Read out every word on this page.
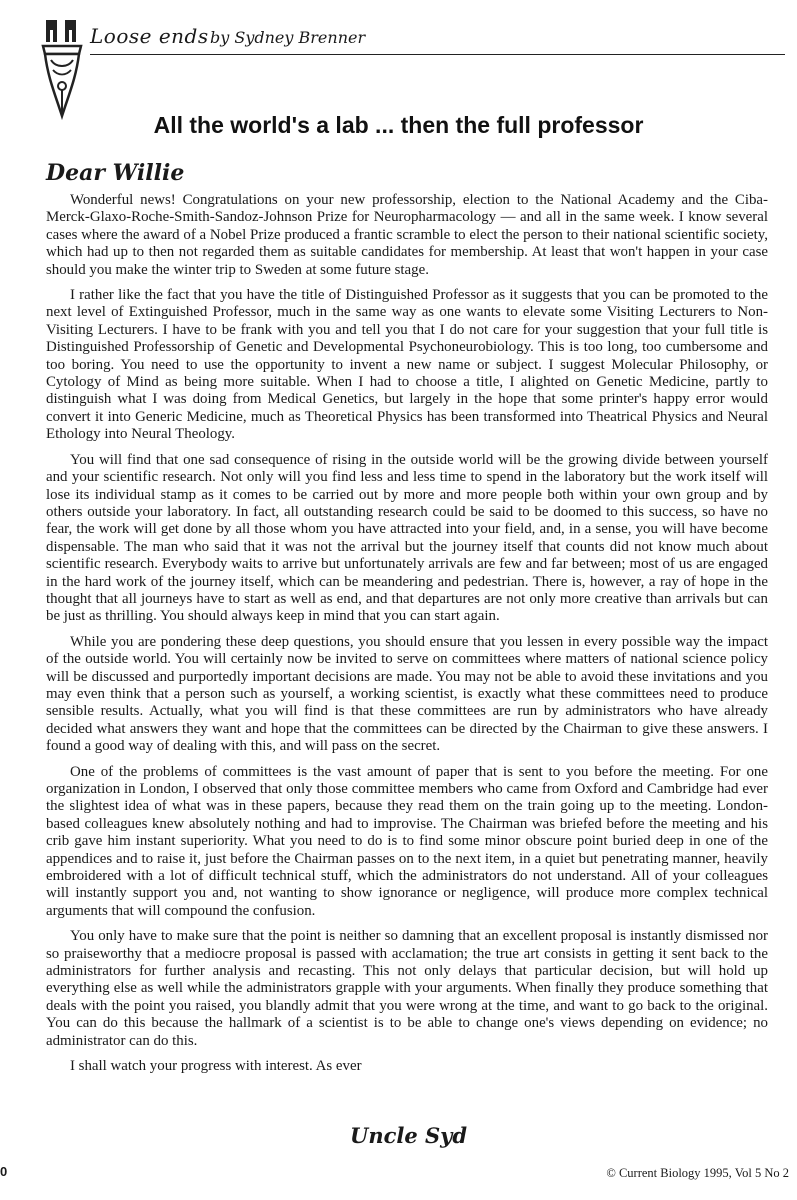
Loose ends by Sydney Brenner
All the world's a lab ... then the full professor
Dear Willie

Wonderful news! Congratulations on your new professorship, election to the National Academy and the Ciba-Merck-Glaxo-Roche-Smith-Sandoz-Johnson Prize for Neuropharmacology — and all in the same week. I know several cases where the award of a Nobel Prize produced a frantic scramble to elect the person to their national scientific society, which had up to then not regarded them as suitable candidates for membership. At least that won't happen in your case should you make the winter trip to Sweden at some future stage.

I rather like the fact that you have the title of Distinguished Professor as it suggests that you can be promoted to the next level of Extinguished Professor, much in the same way as one wants to elevate some Visiting Lecturers to Non-Visiting Lecturers. I have to be frank with you and tell you that I do not care for your suggestion that your full title is Distinguished Professorship of Genetic and Developmental Psychoneurobiology. This is too long, too cumbersome and too boring. You need to use the opportunity to invent a new name or subject. I suggest Molecular Philosophy, or Cytology of Mind as being more suitable. When I had to choose a title, I alighted on Genetic Medicine, partly to distinguish what I was doing from Medical Genetics, but largely in the hope that some printer's happy error would convert it into Generic Medicine, much as Theoretical Physics has been transformed into Theatrical Physics and Neural Ethology into Neural Theology.

You will find that one sad consequence of rising in the outside world will be the growing divide between yourself and your scientific research. Not only will you find less and less time to spend in the laboratory but the work itself will lose its individual stamp as it comes to be carried out by more and more people both within your own group and by others outside your laboratory. In fact, all outstanding research could be said to be doomed to this success, so have no fear, the work will get done by all those whom you have attracted into your field, and, in a sense, you will have become dispensable. The man who said that it was not the arrival but the journey itself that counts did not know much about scientific research. Everybody waits to arrive but unfortunately arrivals are few and far between; most of us are engaged in the hard work of the journey itself, which can be meandering and pedestrian. There is, however, a ray of hope in the thought that all journeys have to start as well as end, and that departures are not only more creative than arrivals but can be just as thrilling. You should always keep in mind that you can start again.

While you are pondering these deep questions, you should ensure that you lessen in every possible way the impact of the outside world. You will certainly now be invited to serve on committees where matters of national science policy will be discussed and purportedly important decisions are made. You may not be able to avoid these invitations and you may even think that a person such as yourself, a working scientist, is exactly what these committees need to produce sensible results. Actually, what you will find is that these committees are run by administrators who have already decided what answers they want and hope that the committees can be directed by the Chairman to give these answers. I found a good way of dealing with this, and will pass on the secret.

One of the problems of committees is the vast amount of paper that is sent to you before the meeting. For one organization in London, I observed that only those committee members who came from Oxford and Cambridge had ever the slightest idea of what was in these papers, because they read them on the train going up to the meeting. London-based colleagues knew absolutely nothing and had to improvise. The Chairman was briefed before the meeting and his crib gave him instant superiority. What you need to do is to find some minor obscure point buried deep in one of the appendices and to raise it, just before the Chairman passes on to the next item, in a quiet but penetrating manner, heavily embroidered with a lot of difficult technical stuff, which the administrators do not understand. All of your colleagues will instantly support you and, not wanting to show ignorance or negligence, will produce more complex technical arguments that will compound the confusion.

You only have to make sure that the point is neither so damning that an excellent proposal is instantly dismissed nor so praiseworthy that a mediocre proposal is passed with acclamation; the true art consists in getting it sent back to the administrators for further analysis and recasting. This not only delays that particular decision, but will hold up everything else as well while the administrators grapple with your arguments. When finally they produce something that deals with the point you raised, you blandly admit that you were wrong at the time, and want to go back to the original. You can do this because the hallmark of a scientist is to be able to change one's views depending on evidence; no administrator can do this.

I shall watch your progress with interest. As ever

Uncle Syd
0	© Current Biology 1995, Vol 5 No 2
